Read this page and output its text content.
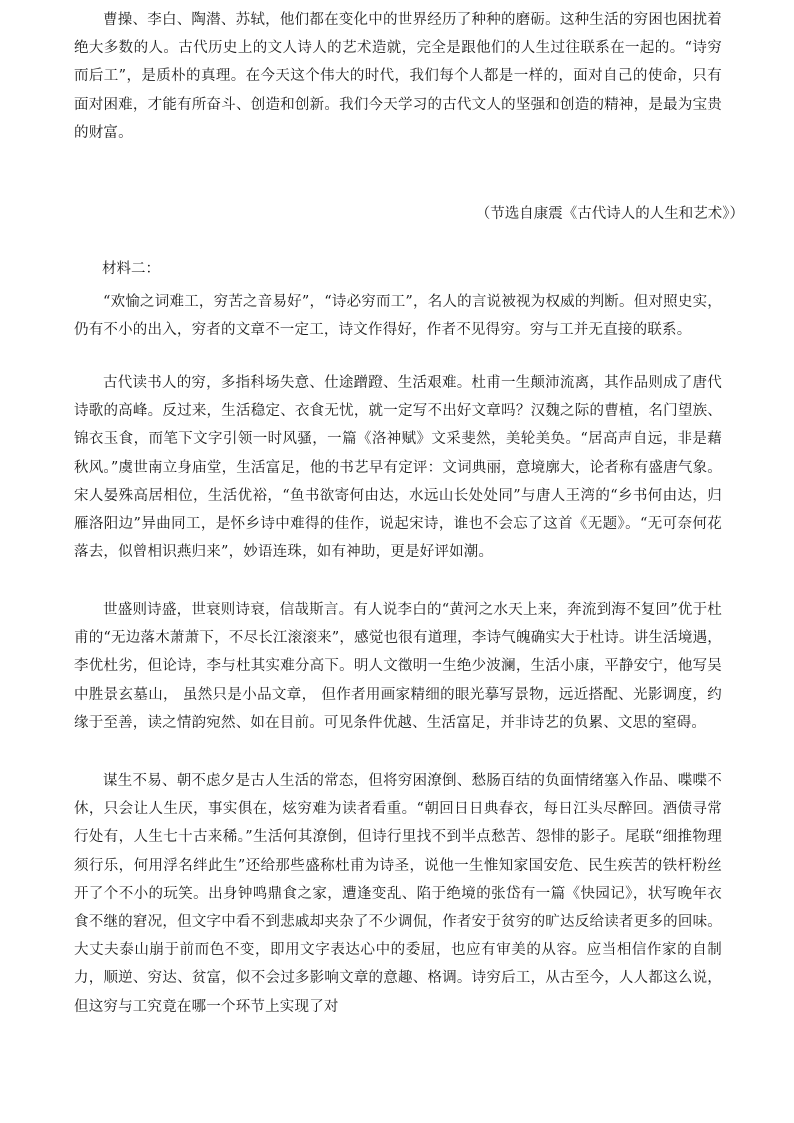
曹操、李白、陶潜、苏轼，他们都在变化中的世界经历了种种的磨砺。这种生活的穷困也困扰着绝大多数的人。古代历史上的文人诗人的艺术造就，完全是跟他们的人生过往联系在一起的。“诗穷而后工”，是质朴的真理。在今天这个伟大的时代，我们每个人都是一样的，面对自己的使命，只有面对困难，才能有所奋斗、创造和创新。我们今天学习的古代文人的坚强和创造的精神，是最为宝贵的财富。

（节选自康震《古代诗人的人生和艺术》）

材料二：

“欢愉之词难工，穷苦之音易好”，“诗必穷而工”，名人的言说被视为权威的判断。但对照史实，仍有不小的出入，穷者的文章不一定工，诗文作得好，作者不见得穷。穷与工并无直接的联系。

古代读书人的穷，多指科场失意、仕途蹭蹬、生活艰难。杜甫一生颠沛流离，其作品则成了唐代诗歌的高峰。反过来，生活稳定、衣食无忧，就一定写不出好文章吗？汉魏之际的曹植，名门望族、锦衣玉食，而笔下文字引领一时风骚，一篇《洛神赋》文采斐然，美轮美奂。“居高声自远，非是藉秋风。”虞世南立身庙堂，生活富足，他的书艺早有定评：文词典丽，意境廓大，论者称有盛唐气象。宋人晏殊高居相位，生活优裕，“鱼书欲寄何由达，水远山长处处同”与唐人王湾的“乡书何由达，归雁洛阳边”异曲同工，是怀乡诗中难得的佳作，说起宋诗，谁也不会忘了这首《无题》。“无可奈何花落去，似曾相识燕归来”，妙语连珠，如有神助，更是好评如潮。

世盛则诗盛，世衰则诗衰，信哉斯言。有人说李白的“黄河之水天上来，奔流到海不复回”优于杜甫的“无边落木萧萧下，不尽长江滚滚来”，感觉也很有道理，李诗气魄确实大于杜诗。讲生活境遇，李优杜劣，但论诗，李与杜其实难分高下。明人文徵明一生绝少波澜，生活小康，平静安宁，他写吴中胜景玄墓山， 虽然只是小品文章， 但作者用画家精细的眼光摹写景物，远近搭配、光影调度，约缘于至善，读之情韵宛然、如在目前。可见条件优越、生活富足，并非诗艺的负累、文思的窒碍。

谋生不易、朝不虑夕是古人生活的常态，但将穷困潦倒、愁肠百结的负面情绪塞入作品、喋喋不休，只会让人生厌，事实俱在，炫穷难为读者看重。“朝回日日典春衣，每日江头尽醉回。酒债寻常行处有，人生七十古来稀。”生活何其潦倒，但诗行里找不到半点愁苦、怨悱的影子。尾联“细推物理须行乐，何用浮名绊此生”还给那些盛称杜甫为诗圣，说他一生惟知家国安危、民生疾苦的铁杆粉丝开了个不小的玩笑。出身钟鸣鼎食之家，遭逢变乱、陷于绝境的张岱有一篇《快园记》，状写晚年衣食不继的窘况，但文字中看不到悲戚却夹杂了不少调侃，作者安于贫穷的旷达反给读者更多的回味。大丈夫泰山崩于前而色不变，即用文字表达心中的委屈，也应有审美的从容。应当相信作家的自制力，顺逆、穷达、贫富，似不会过多影响文章的意趣、格调。诗穷后工，从古至今，人人都这么说，但这穷与工究竟在哪一个环节上实现了对
